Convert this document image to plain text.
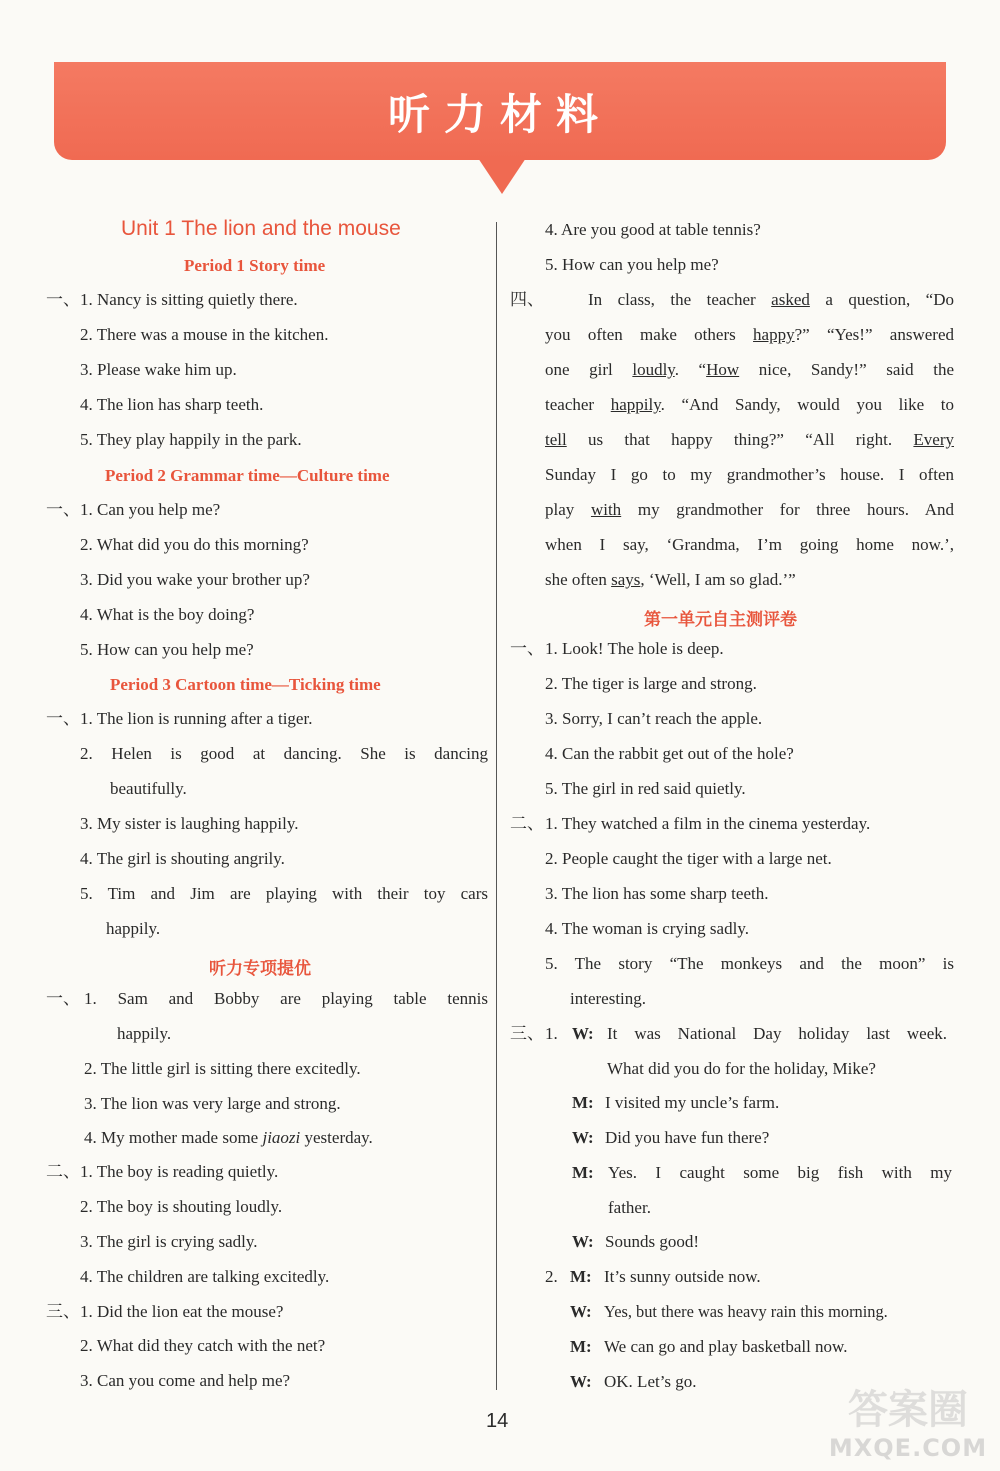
听力材料
Unit 1 The lion and the mouse
Period 1 Story time
一、 1. Nancy is sitting quietly there.
2. There was a mouse in the kitchen.
3. Please wake him up.
4. The lion has sharp teeth.
5. They play happily in the park.
Period 2 Grammar time—Culture time
一、 1. Can you help me?
2. What did you do this morning?
3. Did you wake your brother up?
4. What is the boy doing?
5. How can you help me?
Period 3 Cartoon time—Ticking time
一、 1. The lion is running after a tiger.
2. Helen is good at dancing. She is dancing
beautifully.
3. My sister is laughing happily.
4. The girl is shouting angrily.
5. Tim and Jim are playing with their toy cars
happily.
听力专项提优
一、 1. Sam and Bobby are playing table tennis
happily.
2. The little girl is sitting there excitedly.
3. The lion was very large and strong.
4. My mother made some jiaozi yesterday.
二、 1. The boy is reading quietly.
2. The boy is shouting loudly.
3. The girl is crying sadly.
4. The children are talking excitedly.
三、 1. Did the lion eat the mouse?
2. What did they catch with the net?
3. Can you come and help me?
4. Are you good at table tennis?
5. How can you help me?
四、	In class, the teacher asked a question, “Do
you often make others happy?” “Yes!” answered
one girl loudly. “How nice, Sandy!” said the
teacher happily. “And Sandy, would you like to
tell us that happy thing?” “All right. Every
Sunday I go to my grandmother’s house. I often
play with my grandmother for three hours. And
when I say, ‘Grandma, I’m going home now.’,
she often says, ‘Well, I am so glad.’”
第一单元自主测评卷
一、 1. Look! The hole is deep.
2. The tiger is large and strong.
3. Sorry, I can’t reach the apple.
4. Can the rabbit get out of the hole?
5. The girl in red said quietly.
二、 1. They watched a film in the cinema yesterday.
2. People caught the tiger with a large net.
3. The lion has some sharp teeth.
4. The woman is crying sadly.
5. The story “The monkeys and the moon” is
interesting.
三、 1. W: It was National Day holiday last week.
What did you do for the holiday, Mike?
M: I visited my uncle’s farm.
W: Did you have fun there?
M: Yes. I caught some big fish with my
father.
W: Sounds good!
2. M: It’s sunny outside now.
W: Yes, but there was heavy rain this morning.
M: We can go and play basketball now.
W: OK. Let’s go.
14	答案圈
MXQE.COM
